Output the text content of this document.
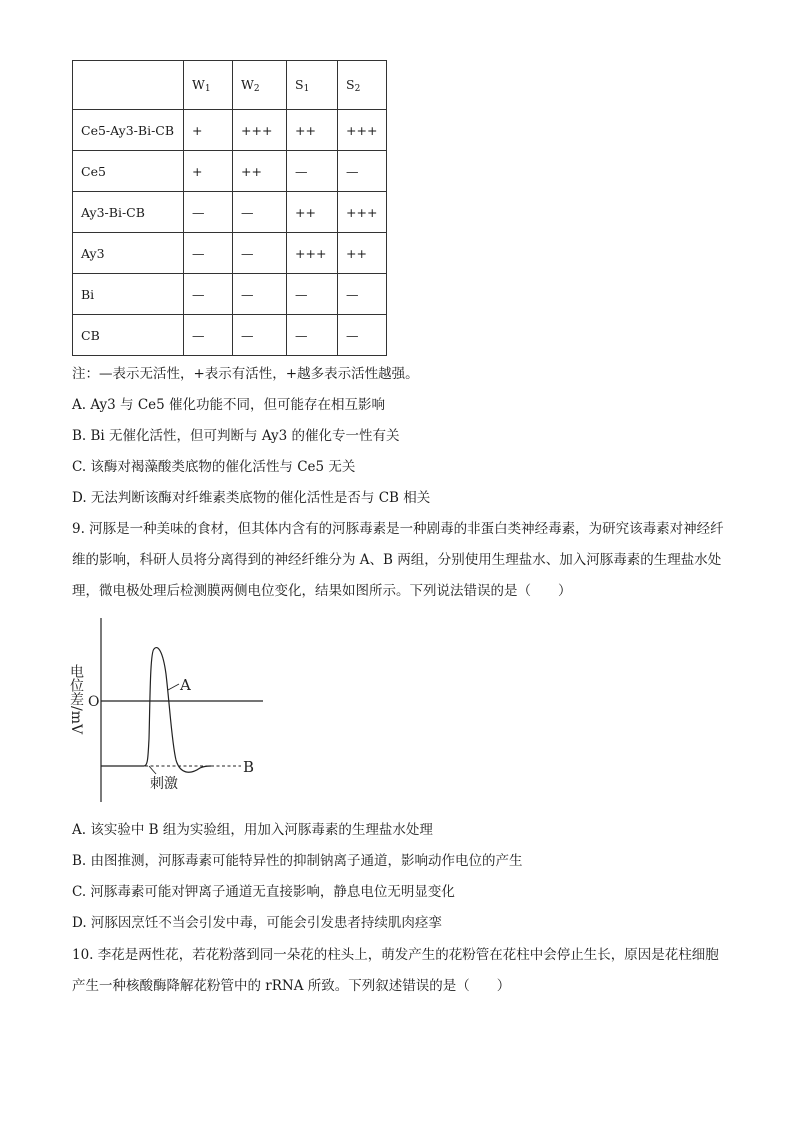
	$W_1$	$W_2$	$S_1$	$S_2$
Ce5-Ay3-Bi-CB	+	+++	++	+++
Ce5	+	++	—	—
Ay3-Bi-CB	—	—	++	+++
Ay3	—	—	+++	++
Bi	—	—	—	—
CB	—	—	—	—
注：—表示无活性，+表示有活性，+越多表示活性越强。
A. Ay3 与 Ce5 催化功能不同，但可能存在相互影响
B. Bi 无催化活性，但可判断与 Ay3 的催化专一性有关
C. 该酶对褐藻酸类底物的催化活性与 Ce5 无关
D. 无法判断该酶对纤维素类底物的催化活性是否与 CB 相关
9. 河豚是一种美味的食材，但其体内含有的河豚毒素是一种剧毒的非蛋白类神经毒素，为研究该毒素对神经纤维的影响，科研人员将分离得到的神经纤维分为 A、B 两组，分别使用生理盐水、加入河豚毒素的生理盐水处理，微电极处理后检测膜两侧电位变化，结果如图所示。下列说法错误的是（　　）
A
B
O
刺激
电位差/mV
A. 该实验中 B 组为实验组，用加入河豚毒素的生理盐水处理
B. 由图推测，河豚毒素可能特异性的抑制钠离子通道，影响动作电位的产生
C. 河豚毒素可能对钾离子通道无直接影响，静息电位无明显变化
D. 河豚因烹饪不当会引发中毒，可能会引发患者持续肌肉痉挛
10. 李花是两性花，若花粉落到同一朵花的柱头上，萌发产生的花粉管在花柱中会停止生长，原因是花柱细胞产生一种核酸酶降解花粉管中的 rRNA 所致。下列叙述错误的是（　　）
